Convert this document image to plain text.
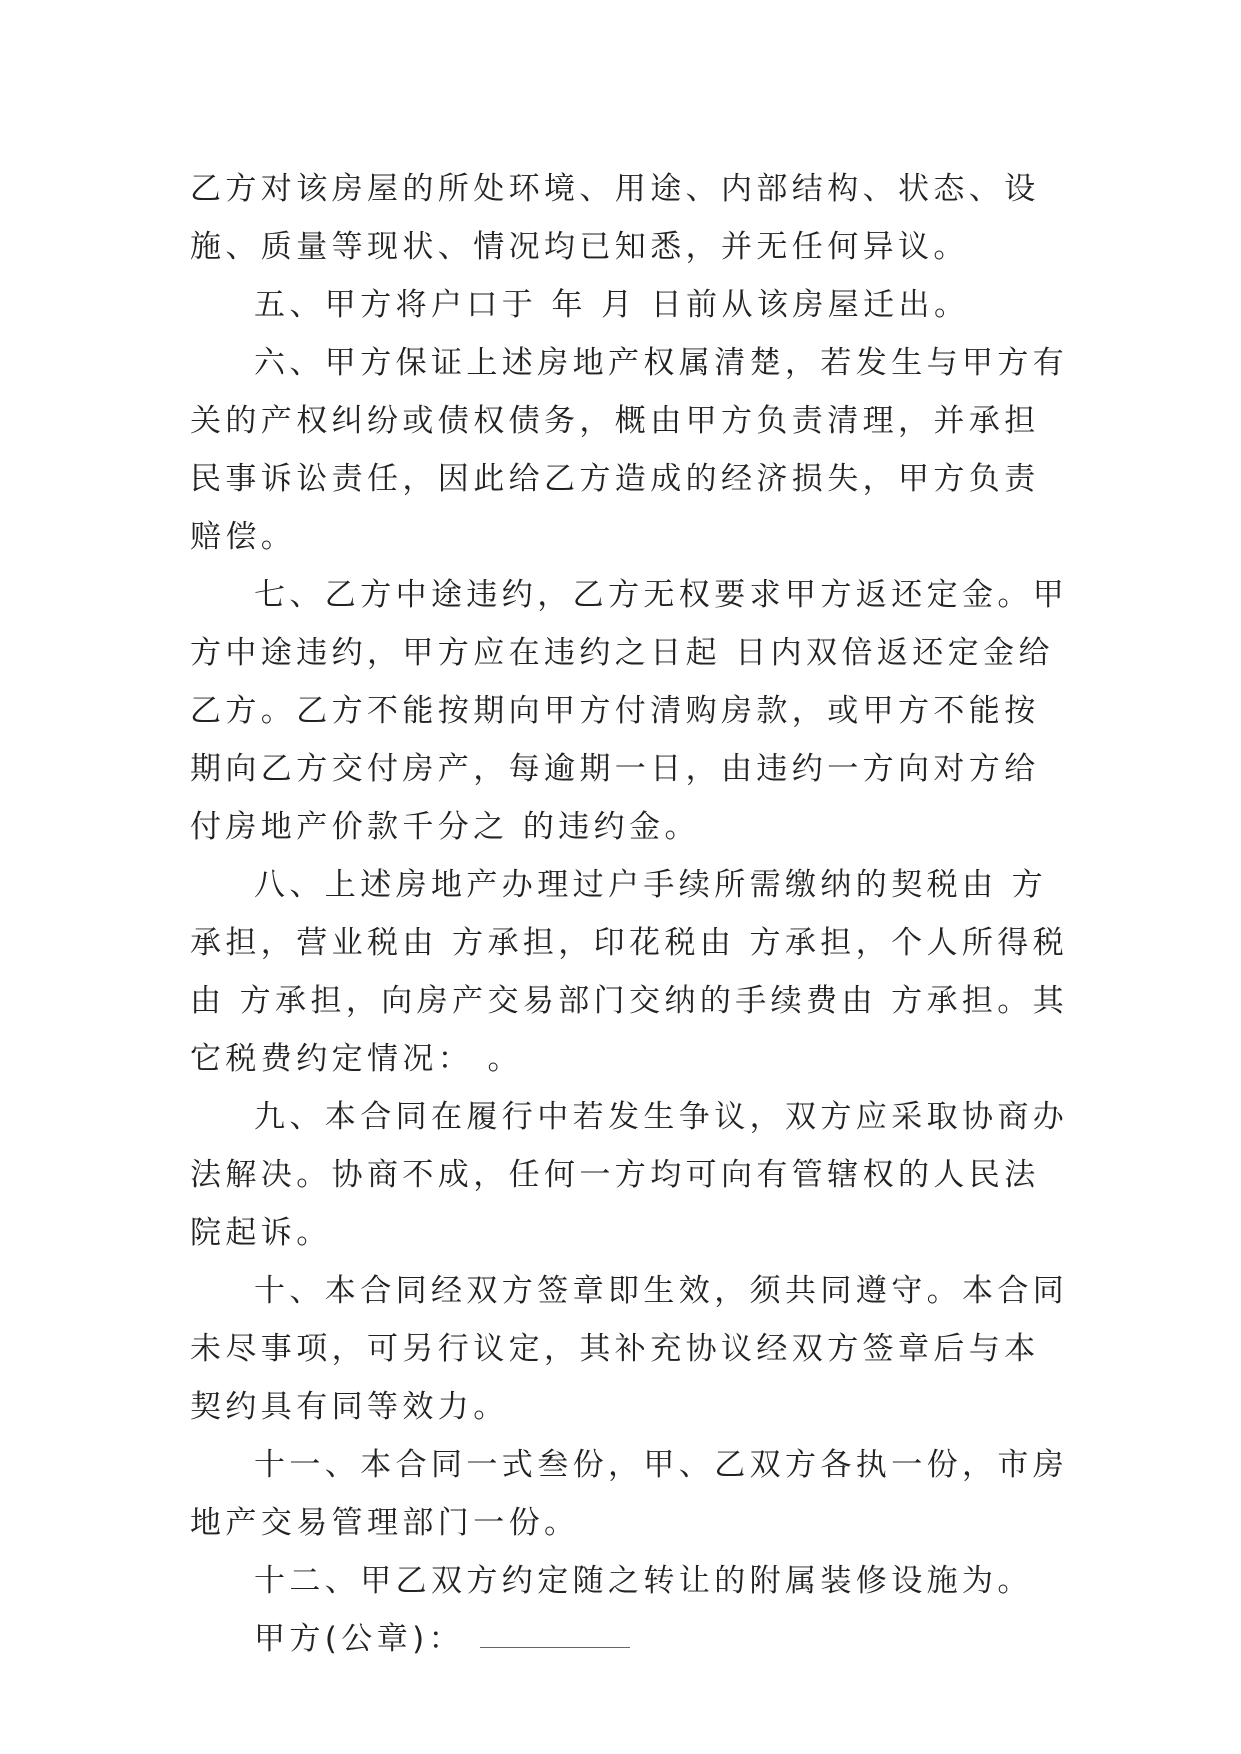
乙方对该房屋的所处环境、用途、内部结构、状态、设施、质量等现状、情况均已知悉，并无任何异议。

五、甲方将户口于 年 月 日前从该房屋迁出。

六、甲方保证上述房地产权属清楚，若发生与甲方有关的产权纠纷或债权债务，概由甲方负责清理，并承担民事诉讼责任，因此给乙方造成的经济损失，甲方负责赔偿。

七、乙方中途违约，乙方无权要求甲方返还定金。甲方中途违约，甲方应在违约之日起 日内双倍返还定金给乙方。乙方不能按期向甲方付清购房款，或甲方不能按期向乙方交付房产，每逾期一日，由违约一方向对方给付房地产价款千分之 的违约金。

八、上述房地产办理过户手续所需缴纳的契税由 方承担，营业税由 方承担，印花税由 方承担，个人所得税由 方承担，向房产交易部门交纳的手续费由 方承担。其它税费约定情况： 。

九、本合同在履行中若发生争议，双方应采取协商办法解决。协商不成，任何一方均可向有管辖权的人民法院起诉。

十、本合同经双方签章即生效，须共同遵守。本合同未尽事项，可另行议定，其补充协议经双方签章后与本契约具有同等效力。

十一、本合同一式叁份，甲、乙双方各执一份，市房地产交易管理部门一份。

十二、甲乙双方约定随之转让的附属装修设施为。

甲方(公章)：
